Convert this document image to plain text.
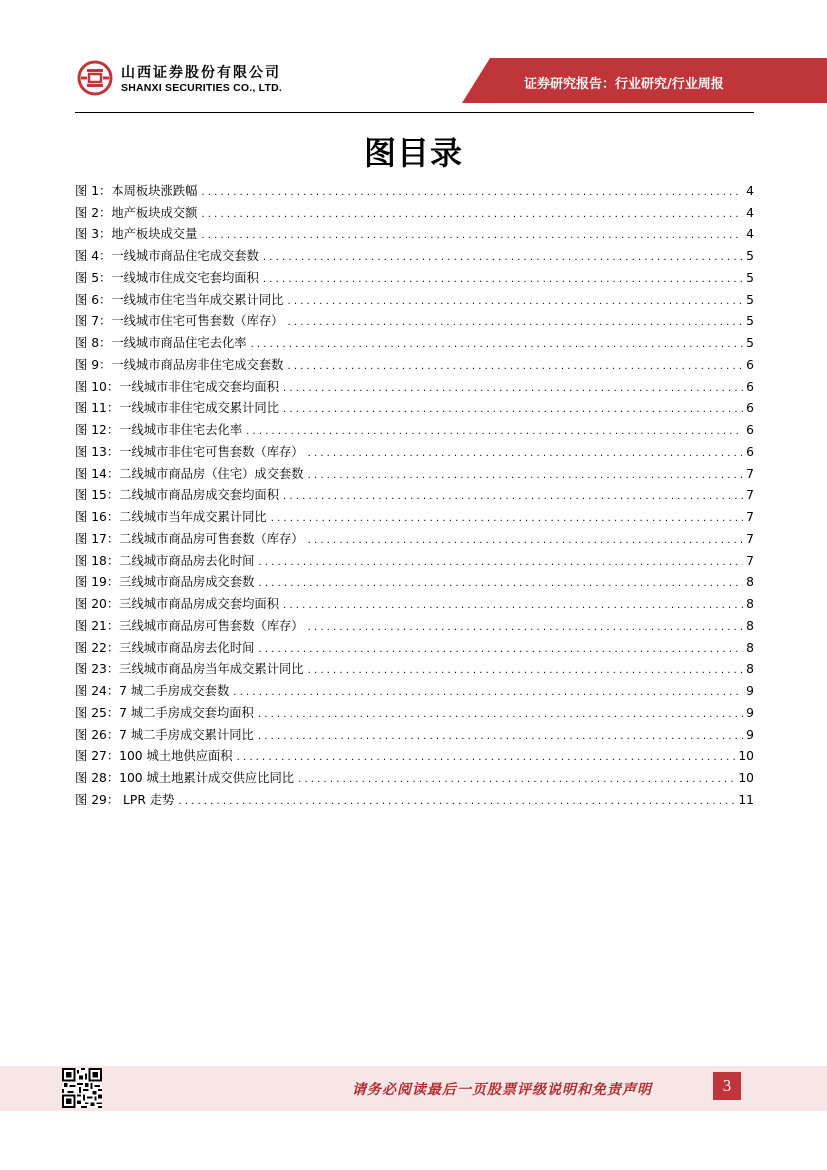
山西证券股份有限公司
SHANXI SECURITIES CO., LTD.	证券研究报告：行业研究/行业周报
图目录
图 1：本周板块涨跌幅 . . .	4
图 2：地产板块成交额 . . .	4
图 3：地产板块成交量 . . .	4
图 4：一线城市商品住宅成交套数 . . .	5
图 5：一线城市住成交宅套均面积 . . .	5
图 6：一线城市住宅当年成交累计同比 . . .	5
图 7：一线城市住宅可售套数（库存） . . .	5
图 8：一线城市商品住宅去化率 . . .	5
图 9：一线城市商品房非住宅成交套数 . . .	6
图 10：一线城市非住宅成交套均面积 . . .	6
图 11：一线城市非住宅成交累计同比 . . .	6
图 12：一线城市非住宅去化率 . . .	6
图 13：一线城市非住宅可售套数（库存） . . .	6
图 14：二线城市商品房（住宅）成交套数 . . .	7
图 15：二线城市商品房成交套均面积 . . .	7
图 16：二线城市当年成交累计同比 . . .	7
图 17：二线城市商品房可售套数（库存） . . .	7
图 18：二线城市商品房去化时间 . . .	7
图 19：三线城市商品房成交套数 . . .	8
图 20：三线城市商品房成交套均面积 . . .	8
图 21：三线城市商品房可售套数（库存） . . .	8
图 22：三线城市商品房去化时间 . . .	8
图 23：三线城市商品房当年成交累计同比 . . .	8
图 24：7 城二手房成交套数 . . .	9
图 25：7 城二手房成交套均面积 . . .	9
图 26：7 城二手房成交累计同比 . . .	9
图 27：100 城土地供应面积 . . .	10
图 28：100 城土地累计成交供应比同比 . . .	10
图 29： LPR 走势 . . .	11
请务必阅读最后一页股票评级说明和免责声明	3
